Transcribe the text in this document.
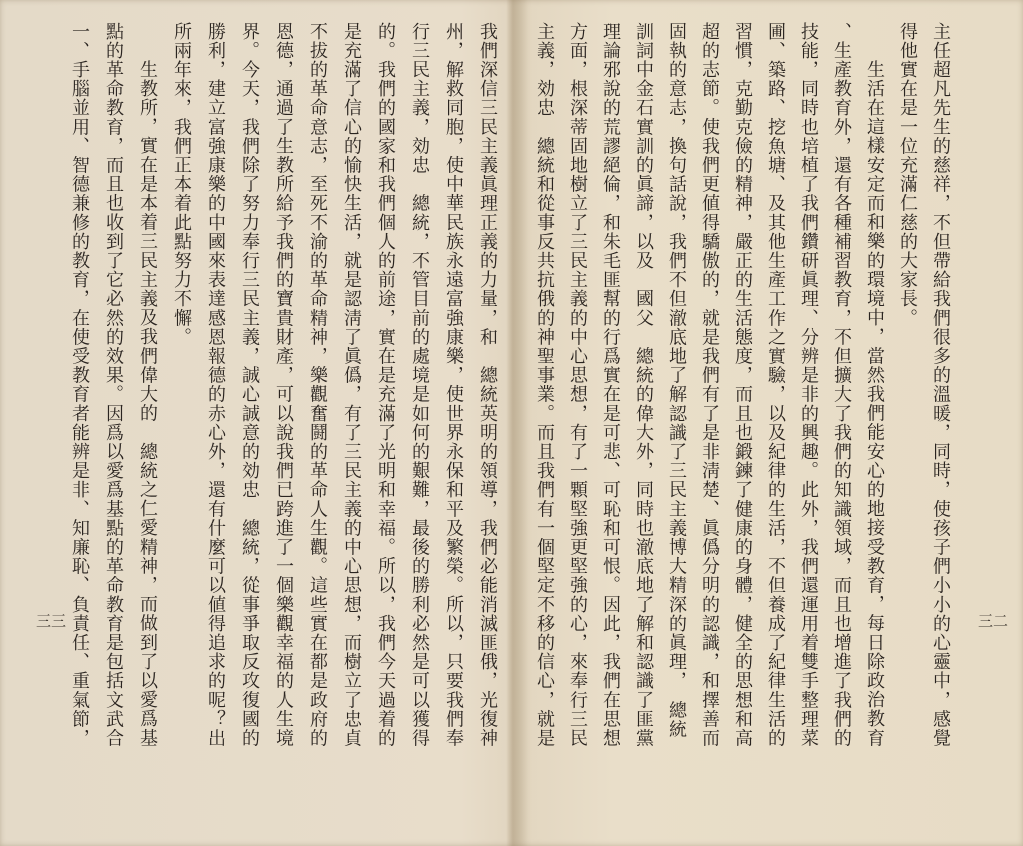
主任超凡先生的慈祥，不但帶給我們很多的溫暖，同時，使孩子們小小的心靈中，感覺
得他實在是一位充滿仁慈的大家長。
生活在這樣安定而和樂的環境中，當然我們能安心的地接受教育，每日除政治教育
、生產教育外，還有各種補習教育，不但擴大了我們的知識領域，而且也增進了我們的
技能，同時也培植了我們鑽研眞理、分辨是非的興趣。此外，我們還運用着雙手整理菜
圃、築路、挖魚塘、及其他生產工作之實驗，以及紀律的生活，不但養成了紀律生活的
習慣，克勤克儉的精神，嚴正的生活態度，而且也鍛鍊了健康的身體，健全的思想和高
超的志節。使我們更値得驕傲的，就是我們有了是非淸楚、眞僞分明的認識，和擇善而
固執的意志，換句話說，我們不但澈底地了解認識了三民主義博大精深的眞理，　總統
訓詞中金石實訓的眞諦，以及　國父　總統的偉大外，同時也澈底地了解和認識了匪黨
理論邪說的荒謬絕倫，和朱毛匪幫的行爲實在是可悲、可恥和可恨。因此，我們在思想
方面，根深蒂固地樹立了三民主義的中心思想，有了一顆堅強更堅強的心，來奉行三民
主義，効忠　總統和從事反共抗俄的神聖事業。而且我們有一個堅定不移的信心，就是	三二
我們深信三民主義眞理正義的力量，和　總統英明的領導，我們必能消滅匪俄，光復神
州，解救同胞，使中華民族永遠富強康樂，使世界永保和平及繁榮。所以，只要我們奉
行三民主義，効忠　總統，不管目前的處境是如何的艱難，最後的勝利必然是可以獲得
的。我們的國家和我們個人的前途，實在是充滿了光明和幸福。所以，我們今天過着的
是充滿了信心的愉快生活，就是認淸了眞僞，有了三民主義的中心思想，而樹立了忠貞
不拔的革命意志，至死不渝的革命精神，樂觀奮鬪的革命人生觀。這些實在都是政府的
恩德，通過了生教所給予我們的寶貴財產，可以說我們已跨進了一個樂觀幸福的人生境
界。今天，我們除了努力奉行三民主義，誠心誠意的効忠　總統，從事爭取反攻復國的
勝利，建立富強康樂的中國來表達感恩報德的赤心外，還有什麼可以値得追求的呢？出
所兩年來，我們正本着此點努力不懈。
生教所，實在是本着三民主義及我們偉大的　總統之仁愛精神，而做到了以愛爲基
點的革命教育，而且也收到了它必然的效果。因爲以愛爲基點的革命教育是包括文武合
一、手腦並用、智德兼修的教育，在使受教育者能辨是非、知廉恥、負責任、重氣節，
三三
